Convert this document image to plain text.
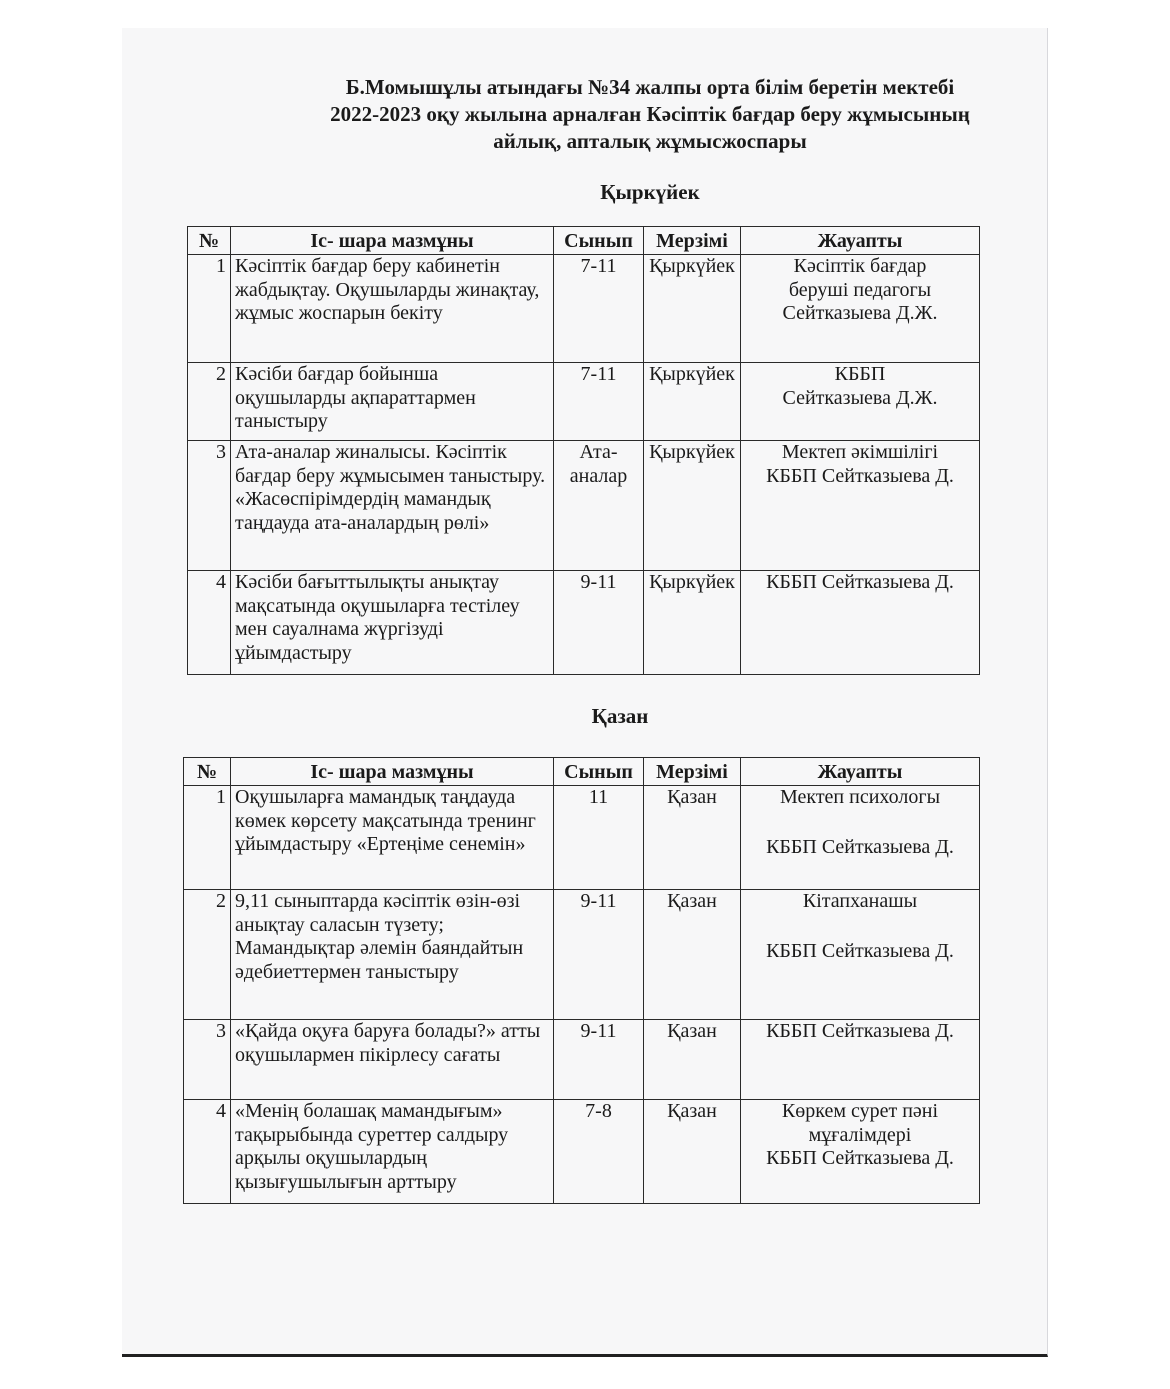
Б.Момышұлы атындағы №34 жалпы орта білім беретін мектебі
2022-2023 оқу жылына арналған Кәсіптік бағдар беру жұмысының
айлық, апталық жұмысжоспары
Қыркүйек
№	Іс- шара мазмұны	Сынып	Мерзімі	Жауапты
1	Кәсіптік бағдар беру кабинетін жабдықтау. Оқушыларды жинақтау, жұмыс жоспарын бекіту	7-11	Қыркүйек	Кәсіптік бағдар
беруші педагогы
Сейтказыева Д.Ж.

2	Кәсіби бағдар бойынша оқушыларды ақпараттармен таныстыру	7-11	Қыркүйек	КББП
Сейтказыева Д.Ж.

3	Ата-аналар жиналысы. Кәсіптік бағдар беру жұмысымен таныстыру. «Жасөспірімдердің мамандық таңдауда ата-аналардың рөлі»	Ата-аналар	Қыркүйек	Мектеп әкімшілігі
КББП Сейтказыева Д.

4	Кәсіби бағыттылықты анықтау мақсатында оқушыларға тестілеу мен сауалнама жүргізуді ұйымдастыру	9-11	Қыркүйек	КББП Сейтказыева Д.
Қазан
№	Іс- шара мазмұны	Сынып	Мерзімі	Жауапты
1	Оқушыларға мамандық таңдауда көмек көрсету мақсатында тренинг ұйымдастыру «Ертеңіме сенемін»	11	Қазан	Мектеп психологы
КББП Сейтказыева Д.

2	9,11 сыныптарда кәсіптік өзін-өзі анықтау саласын түзету; Мамандықтар әлемін баяндайтын әдебиеттермен таныстыру	9-11	Қазан	Кітапханашы
КББП Сейтказыева Д.

3	«Қайда оқуға баруға болады?» атты оқушылармен пікірлесу сағаты	9-11	Қазан	КББП Сейтказыева Д.

4	«Менің болашақ мамандығым» тақырыбында суреттер салдыру арқылы оқушылардың қызығушылығын арттыру	7-8	Қазан	Көркем сурет пәні
мұғалімдері
КББП Сейтказыева Д.
